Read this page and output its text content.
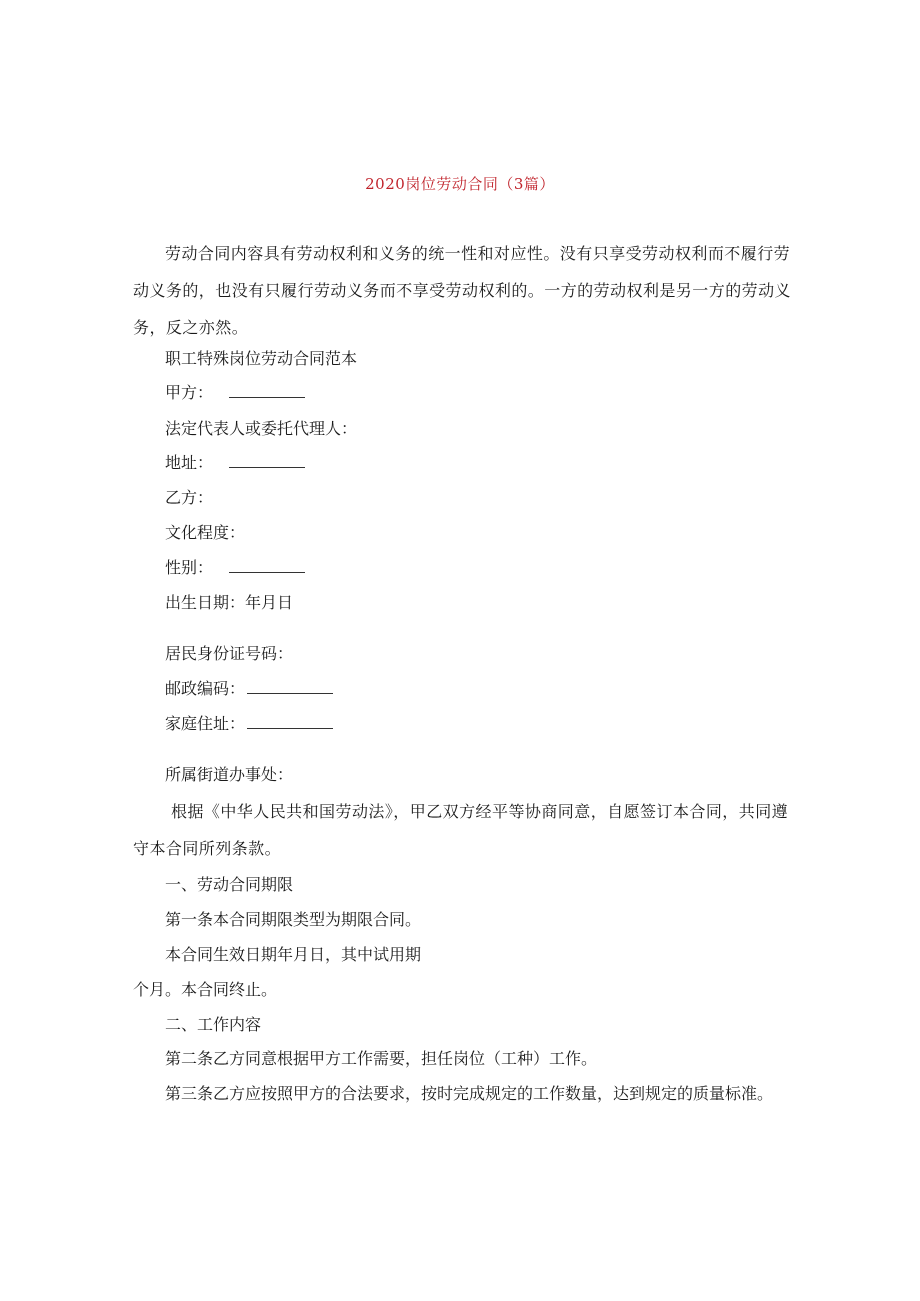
2020岗位劳动合同（3篇）
劳动合同内容具有劳动权利和义务的统一性和对应性。没有只享受劳动权利而不履行劳动义务的，也没有只履行劳动义务而不享受劳动权利的。一方的劳动权利是另一方的劳动义务，反之亦然。
职工特殊岗位劳动合同范本
甲方：
法定代表人或委托代理人：
地址：
乙方：
文化程度：
性别：
出生日期：年月日
居民身份证号码：
邮政编码：
家庭住址：
所属街道办事处：
根据《中华人民共和国劳动法》，甲乙双方经平等协商同意，自愿签订本合同，共同遵守本合同所列条款。
一、劳动合同期限
第一条本合同期限类型为期限合同。
本合同生效日期年月日，其中试用期
个月。本合同终止。
二、工作内容
第二条乙方同意根据甲方工作需要，担任岗位（工种）工作。
第三条乙方应按照甲方的合法要求，按时完成规定的工作数量，达到规定的质量标准。
